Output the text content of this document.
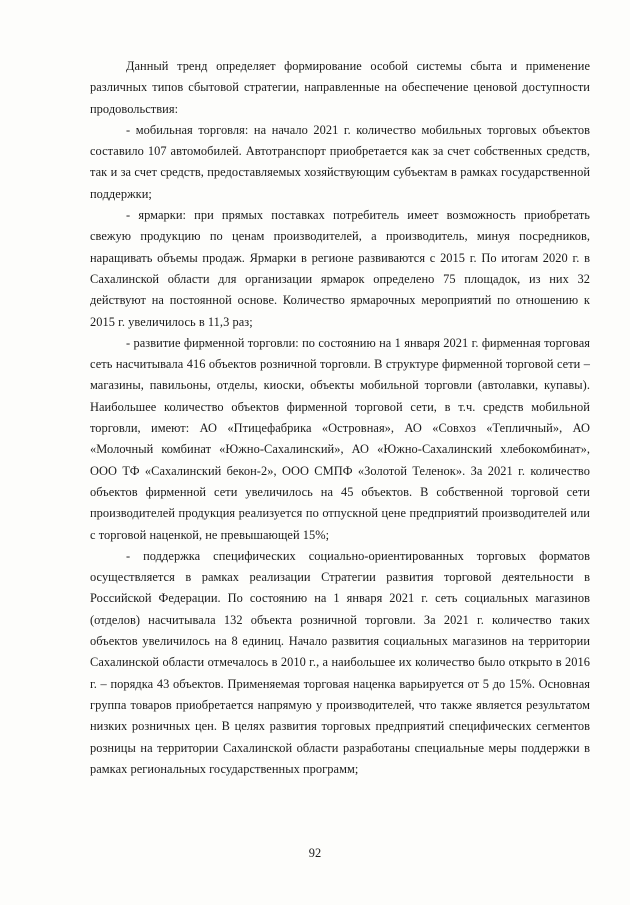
Данный тренд определяет формирование особой системы сбыта и применение различных типов сбытовой стратегии, направленные на обеспечение ценовой доступности продовольствия:

- мобильная торговля: на начало 2021 г. количество мобильных торговых объектов составило 107 автомобилей. Автотранспорт приобретается как за счет собственных средств, так и за счет средств, предоставляемых хозяйствующим субъектам в рамках государственной поддержки;

- ярмарки: при прямых поставках потребитель имеет возможность приобретать свежую продукцию по ценам производителей, а производитель, минуя посредников, наращивать объемы продаж. Ярмарки в регионе развиваются с 2015 г. По итогам 2020 г. в Сахалинской области для организации ярмарок определено 75 площадок, из них 32 действуют на постоянной основе. Количество ярмарочных мероприятий по отношению к 2015 г. увеличилось в 11,3 раз;

- развитие фирменной торговли: по состоянию на 1 января 2021 г. фирменная торговая сеть насчитывала 416 объектов розничной торговли. В структуре фирменной торговой сети – магазины, павильоны, отделы, киоски, объекты мобильной торговли (автолавки, купавы). Наибольшее количество объектов фирменной торговой сети, в т.ч. средств мобильной торговли, имеют: АО «Птицефабрика «Островная», АО «Совхоз «Тепличный», АО «Молочный комбинат «Южно-Сахалинский», АО «Южно-Сахалинский хлебокомбинат», ООО ТФ «Сахалинский бекон-2», ООО СМПФ «Золотой Теленок». За 2021 г. количество объектов фирменной сети увеличилось на 45 объектов. В собственной торговой сети производителей продукция реализуется по отпускной цене предприятий производителей или с торговой наценкой, не превышающей 15%;

- поддержка специфических социально-ориентированных торговых форматов осуществляется в рамках реализации Стратегии развития торговой деятельности в Российской Федерации. По состоянию на 1 января 2021 г. сеть социальных магазинов (отделов) насчитывала 132 объекта розничной торговли. За 2021 г. количество таких объектов увеличилось на 8 единиц. Начало развития социальных магазинов на территории Сахалинской области отмечалось в 2010 г., а наибольшее их количество было открыто в 2016 г. – порядка 43 объектов. Применяемая торговая наценка варьируется от 5 до 15%. Основная группа товаров приобретается напрямую у производителей, что также является результатом низких розничных цен. В целях развития торговых предприятий специфических сегментов розницы на территории Сахалинской области разработаны специальные меры поддержки в рамках региональных государственных программ;

92
